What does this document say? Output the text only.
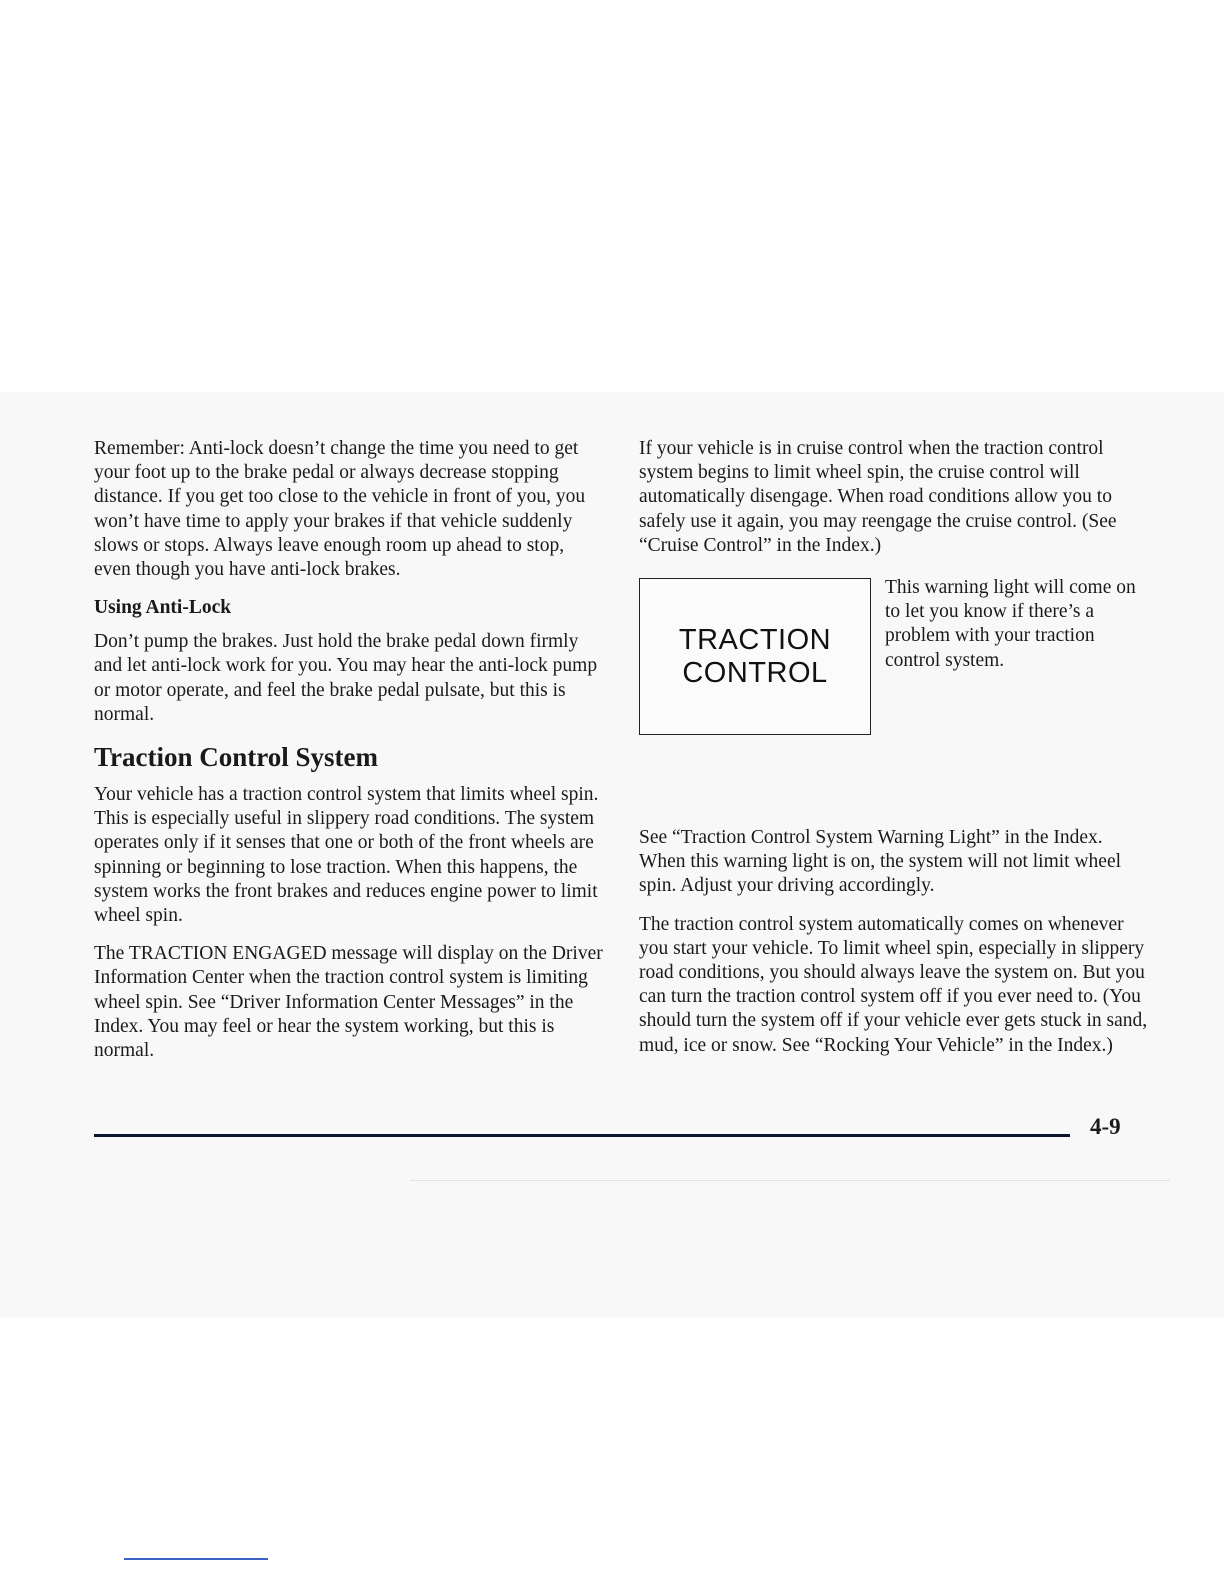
Remember: Anti-lock doesn’t change the time you need to get your foot up to the brake pedal or always decrease stopping distance. If you get too close to the vehicle in front of you, you won’t have time to apply your brakes if that vehicle suddenly slows or stops. Always leave enough room up ahead to stop, even though you have anti-lock brakes.

Using Anti-Lock

Don’t pump the brakes. Just hold the brake pedal down firmly and let anti-lock work for you. You may hear the anti-lock pump or motor operate, and feel the brake pedal pulsate, but this is normal.

Traction Control System

Your vehicle has a traction control system that limits wheel spin. This is especially useful in slippery road conditions. The system operates only if it senses that one or both of the front wheels are spinning or beginning to lose traction. When this happens, the system works the front brakes and reduces engine power to limit wheel spin.

The TRACTION ENGAGED message will display on the Driver Information Center when the traction control system is limiting wheel spin. See “Driver Information Center Messages” in the Index. You may feel or hear the system working, but this is normal.

If your vehicle is in cruise control when the traction control system begins to limit wheel spin, the cruise control will automatically disengage. When road conditions allow you to safely use it again, you may reengage the cruise control. (See “Cruise Control” in the Index.)

TRACTION
CONTROL

This warning light will come on to let you know if there’s a problem with your traction control system.

See “Traction Control System Warning Light” in the Index. When this warning light is on, the system will not limit wheel spin. Adjust your driving accordingly.

The traction control system automatically comes on whenever you start your vehicle. To limit wheel spin, especially in slippery road conditions, you should always leave the system on. But you can turn the traction control system off if you ever need to. (You should turn the system off if your vehicle ever gets stuck in sand, mud, ice or snow. See “Rocking Your Vehicle” in the Index.)

4-9
